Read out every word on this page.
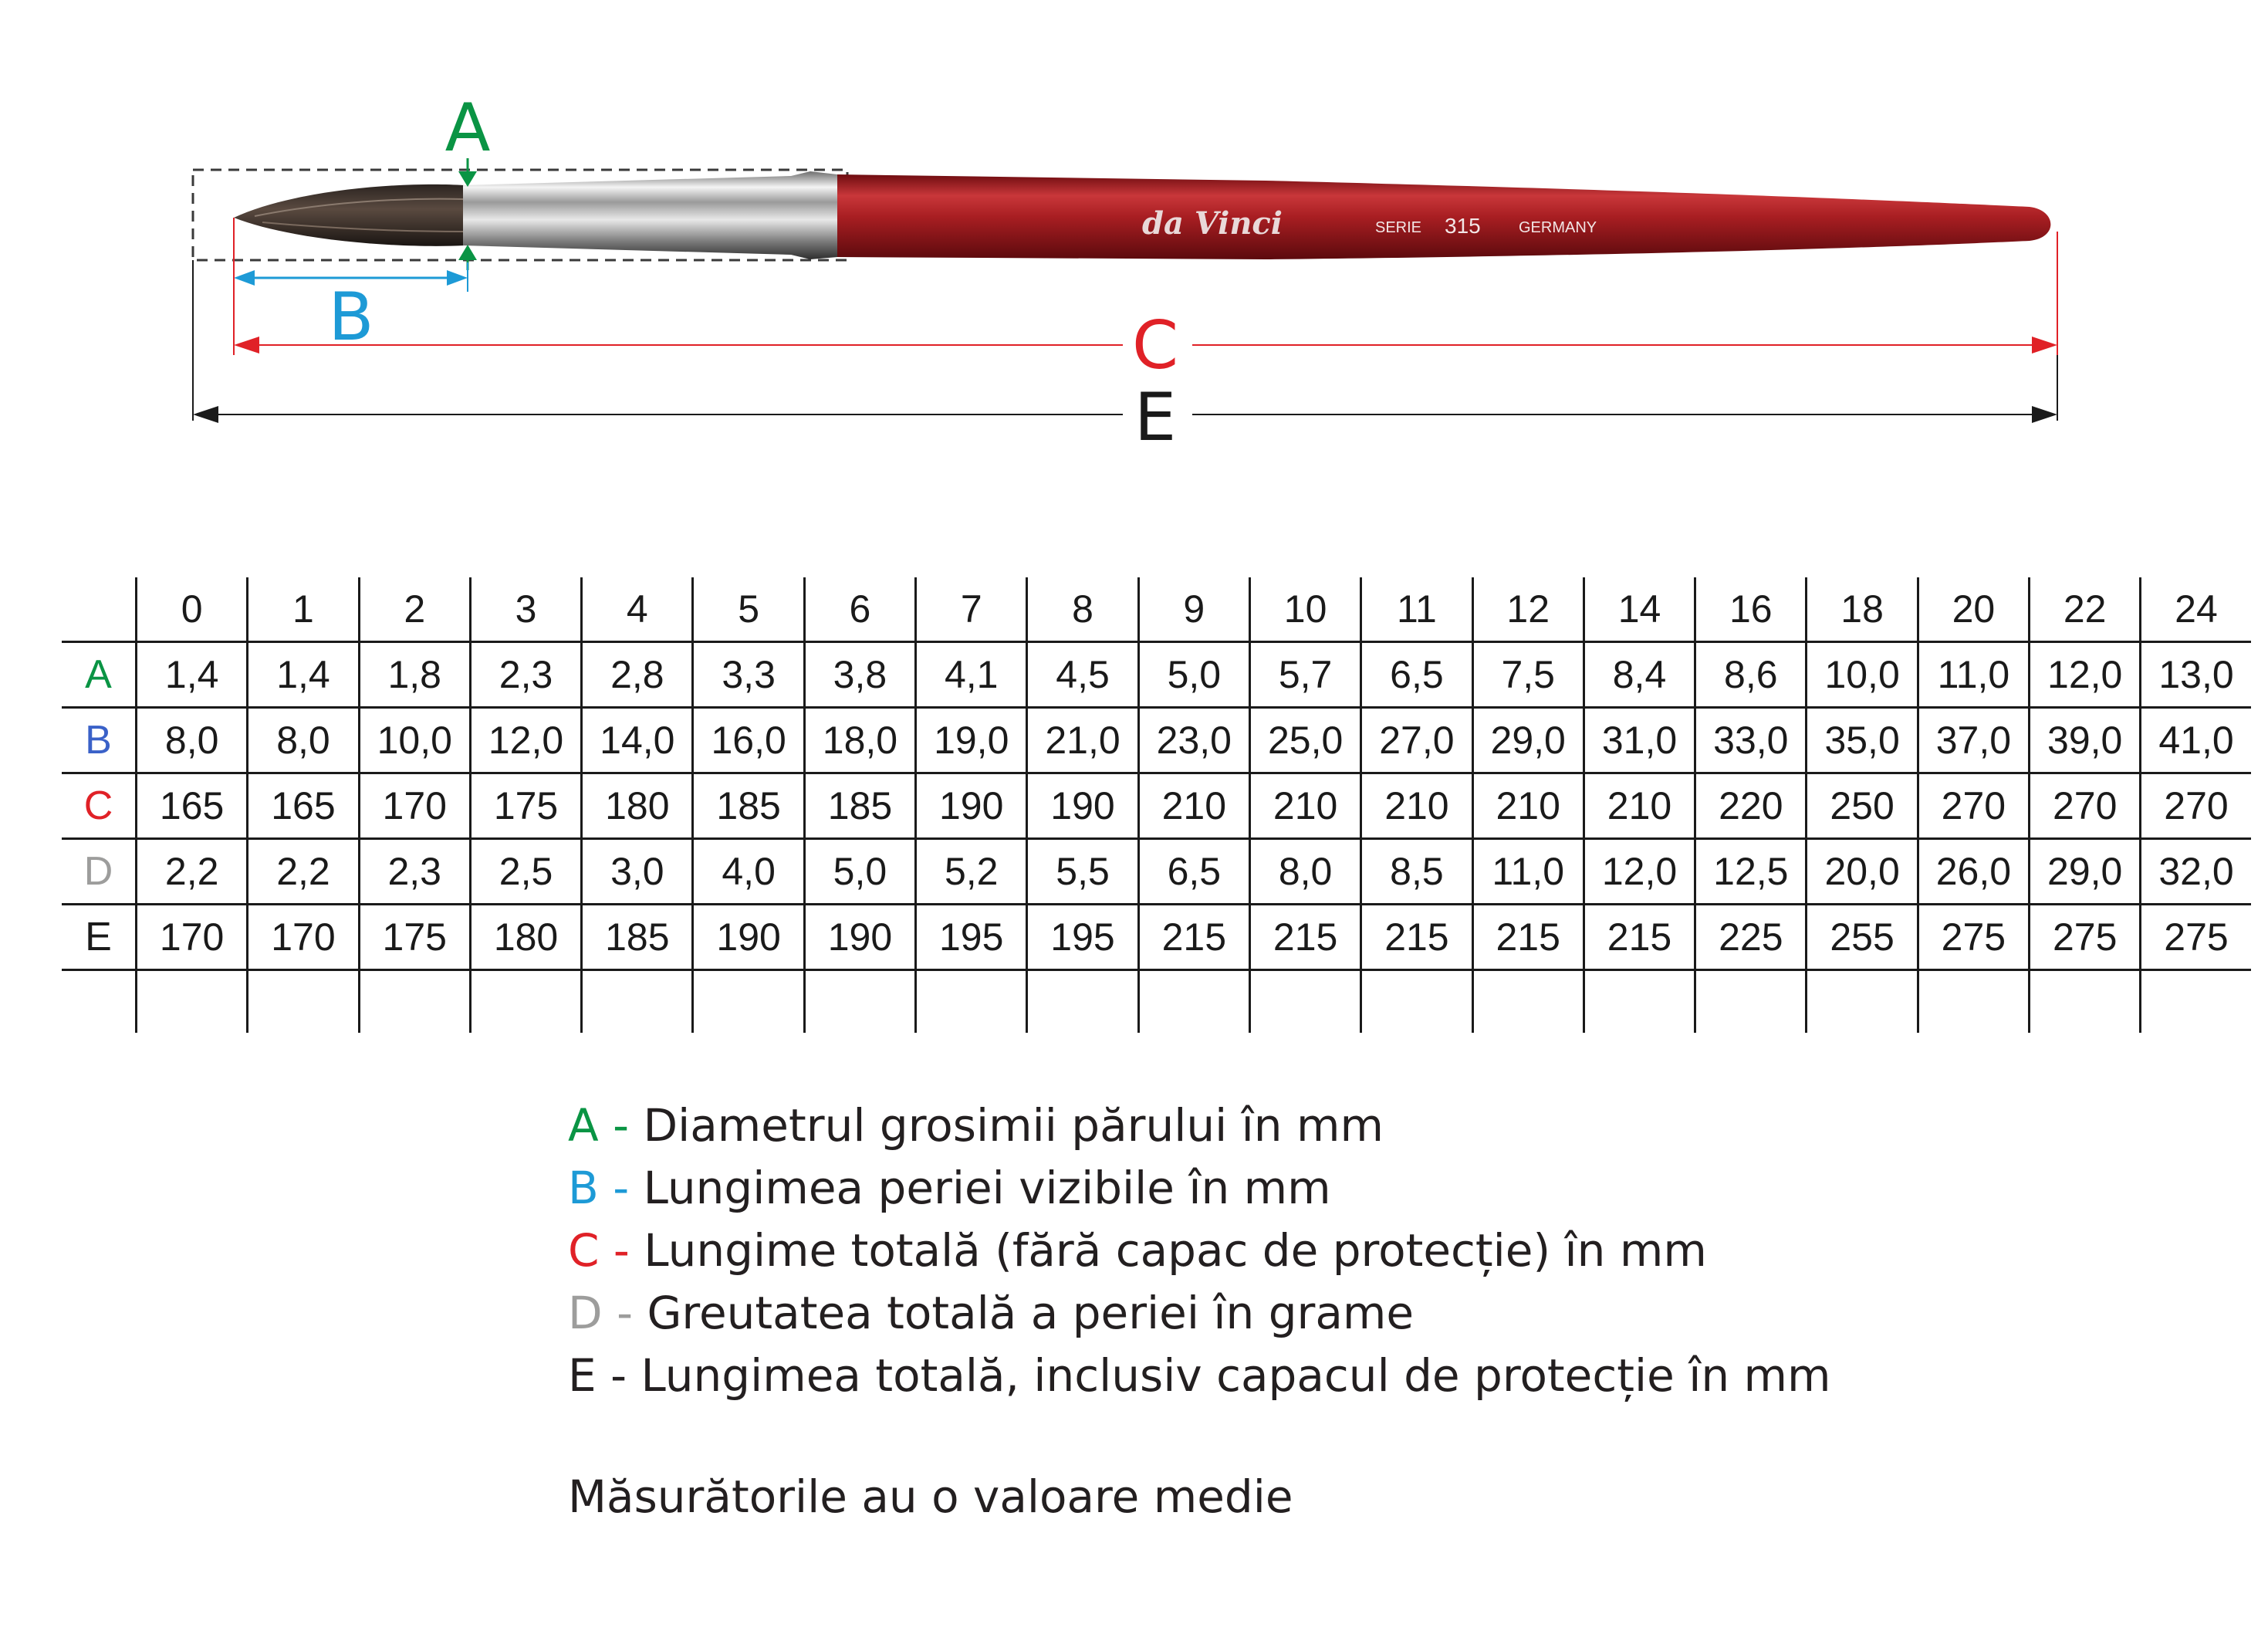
da Vinci	SERIE 315 GERMANY
A
B	C
E
	0	1	2	3	4	5	6	7	8	9	10	11	12	14	16	18	20	22	24
A	1,4	1,4	1,8	2,3	2,8	3,3	3,8	4,1	4,5	5,0	5,7	6,5	7,5	8,4	8,6	10,0	11,0	12,0	13,0
B	8,0	8,0	10,0	12,0	14,0	16,0	18,0	19,0	21,0	23,0	25,0	27,0	29,0	31,0	33,0	35,0	37,0	39,0	41,0
C	165	165	170	175	180	185	185	190	190	210	210	210	210	210	220	250	270	270	270
D	2,2	2,2	2,3	2,5	3,0	4,0	5,0	5,2	5,5	6,5	8,0	8,5	11,0	12,0	12,5	20,0	26,0	29,0	32,0
E	170	170	175	180	185	190	190	195	195	215	215	215	215	215	225	255	275	275	275

A - Diametrul grosimii părului în mm
B - Lungimea periei vizibile în mm
C - Lungime totală (fără capac de protecție) în mm
D - Greutatea totală a periei în grame
E - Lungimea totală, inclusiv capacul de protecție în mm
Măsurătorile au o valoare medie
